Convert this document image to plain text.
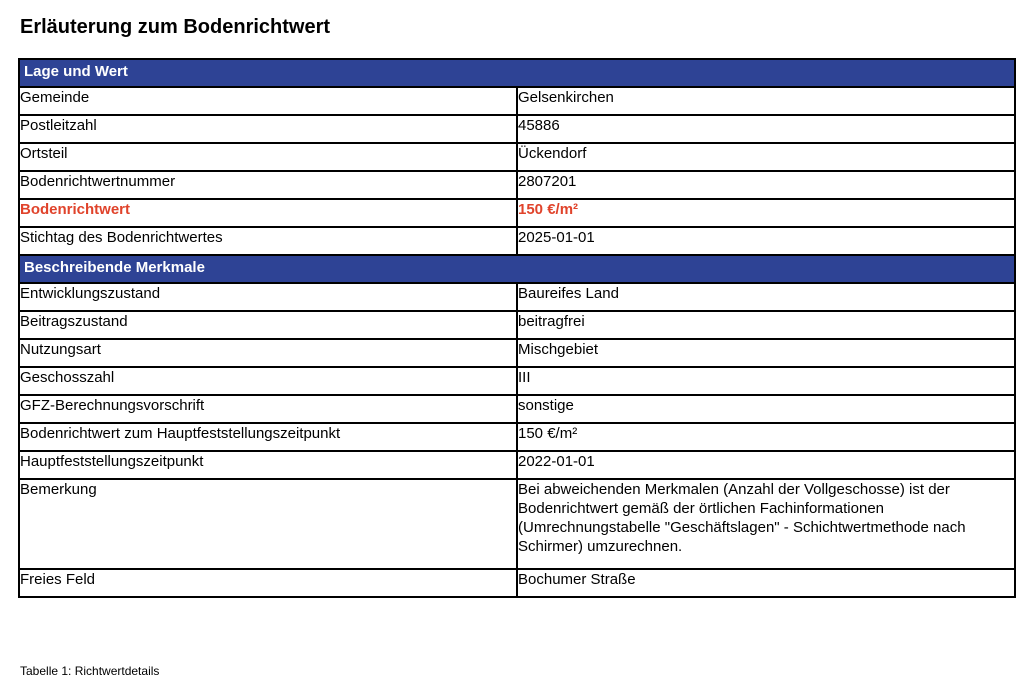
Erläuterung zum Bodenrichtwert
Lage und Wert	
Gemeinde	Gelsenkirchen
Postleitzahl	45886
Ortsteil	Ückendorf
Bodenrichtwertnummer	2807201
Bodenrichtwert	150 €/m²
Stichtag des Bodenrichtwertes	2025-01-01
Beschreibende Merkmale	
Entwicklungszustand	Baureifes Land
Beitragszustand	beitragfrei
Nutzungsart	Mischgebiet
Geschosszahl	III
GFZ-Berechnungsvorschrift	sonstige
Bodenrichtwert zum Hauptfeststellungszeitpunkt	150 €/m²
Hauptfeststellungszeitpunkt	2022-01-01
Bemerkung	Bei abweichenden Merkmalen (Anzahl der Vollgeschosse) ist der Bodenrichtwert gemäß der örtlichen Fachinformationen (Umrechnungstabelle "Geschäftslagen" - Schichtwertmethode nach Schirmer) umzurechnen.
Freies Feld	Bochumer Straße
Tabelle 1: Richtwertdetails
